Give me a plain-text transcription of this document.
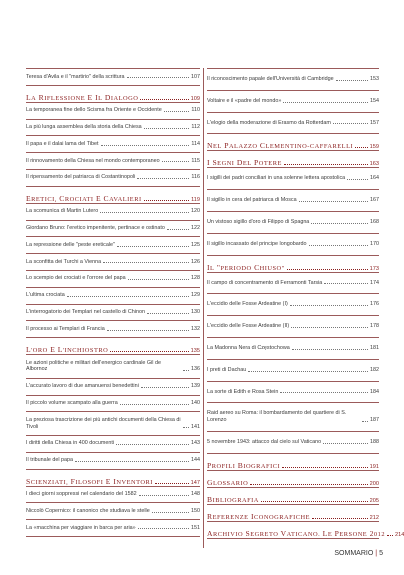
Teresa d'Avila e il "martirio" della scrittura	107
LA RIFLESSIONE E IL DIALOGO	109
La temporanea fine dello Scisma fra Oriente e Occidente	110
La più lunga assemblea della storia della Chiesa	112
Il papa e il dalai lama del Tibet	114
Il rinnovamento della Chiesa nel mondo contemporaneo	115
Il ripensamento del patriarca di Costantinopoli	116
ERETICI, CROCIATI E CAVALIERI	119
La scomunica di Martin Lutero	120
Giordano Bruno: l'eretico impenitente, pertinace e ostinato	122
La repressione delle "peste ereticale"	125
La sconfitta dei Turchi a Vienna	126
Lo scempio dei crociati e l'orrore del papa	128
L'ultima crociata	129
L'interrogatorio dei Templari nel castello di Chinon	130
Il processo ai Templari di Francia	132
L'ORO E L'INCHIOSTRO	135
Le azioni politiche e militari dell'energico cardinale Gil de Albornoz	136
L'accurato lavoro di due amanuensi benedettini	139
Il piccolo volume scampato alla guerra	140
La preziosa trascrizione dei più antichi documenti della Chiesa di Tivoli	141
I diritti della Chiesa in 400 documenti	143
Il tribunale del papa	144
SCIENZIATI, FILOSOFI E INVENTORI	147
I dieci giorni soppressi nel calendario del 1582	148
Niccolò Copernico: il canonico che studiava le stelle	150
La «macchina per viaggiare in barca per aria»	151
Il riconoscimento papale dell'Università di Cambridge	153
Voltaire e il «padre del mondo»	154
L'elogio della moderazione di Erasmo da Rotterdam	157
NEL PALAZZO CLEMENTINO-CAFFARELLI	159
I SEGNI DEL POTERE	163
I sigilli dei padri conciliari in una solenne lettera apostolica	164
Il sigillo in cera del patriarca di Mosca	167
Un vistoso sigillo d'oro di Filippo di Spagna	168
Il sigillo incassato del principe longobardo	170
IL "PERIODO CHIUSO"	173
Il campo di concentramento di Ferramonti Tarsia	174
L'eccidio delle Fosse Ardeatine (I)	176
L'eccidio delle Fosse Ardeatine (II)	178
La Madonna Nera di Częstochowa	181
I preti di Dachau	182
La sorte di Edith e Rosa Stein	184
Raid aereo su Roma: il bombardamento del quartiere di S. Lorenzo	187
5 novembre 1943: attacco dal cielo sul Vaticano	188
PROFILI BIOGRAFICI	191
GLOSSARIO	200
BIBLIOGRAFIA	205
REFERENZE ICONOGRAFICHE	212
ARCHIVIO SEGRETO VATICANO. LE PERSONE 2012 214
SOMMARIO | 5
